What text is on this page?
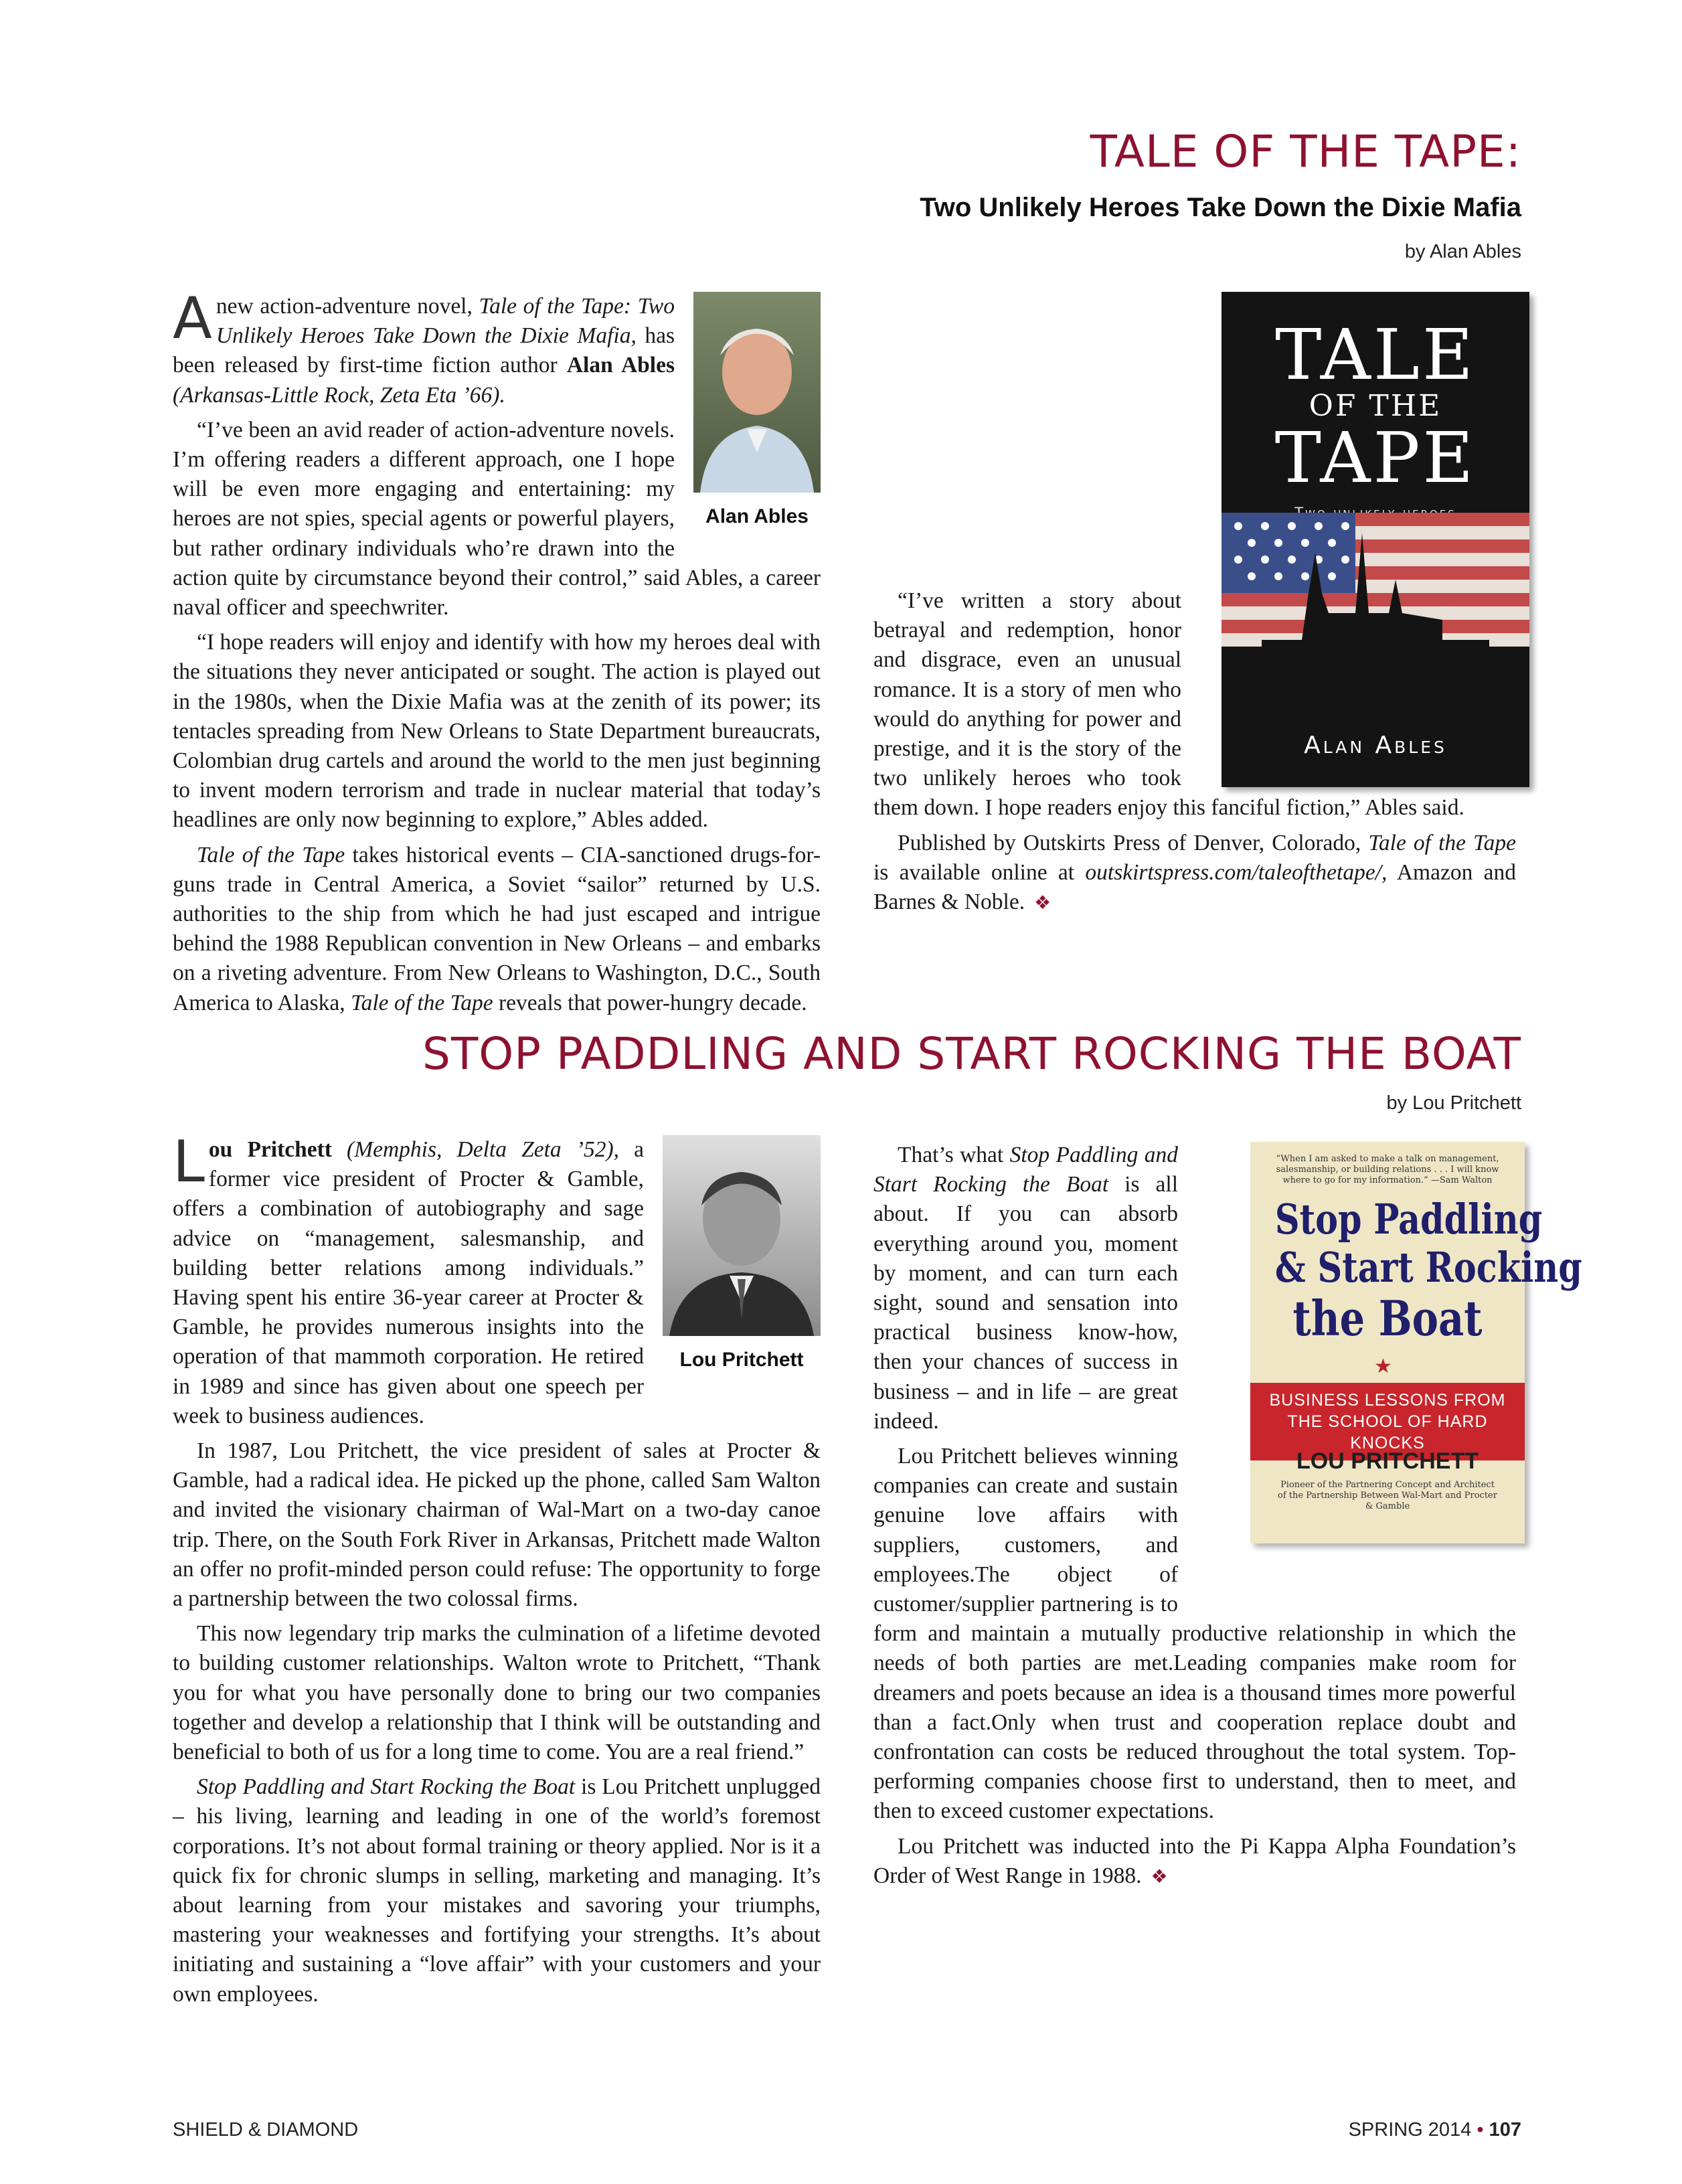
TALE OF THE TAPE:
Two Unlikely Heroes Take Down the Dixie Mafia
by Alan Ables
Alan Ables

Anew action-adventure novel, Tale of the Tape: Two Unlikely Heroes Take Down the Dixie Mafia, has been released by first-time fiction author Alan Ables (Arkansas-Little Rock, Zeta Eta ’66).

“I’ve been an avid reader of action-adventure novels. I’m offering readers a different approach, one I hope will be even more engaging and entertaining: my heroes are not spies, special agents or powerful players, but rather ordinary individuals who’re drawn into the action quite by circumstance beyond their control,” said Ables, a career naval officer and speechwriter.

“I hope readers will enjoy and identify with how my heroes deal with the situations they never anticipated or sought. The action is played out in the 1980s, when the Dixie Mafia was at the zenith of its power; its tentacles spreading from New Orleans to State Department bureaucrats, Colombian drug cartels and around the world to the men just beginning to invent modern terrorism and trade in nuclear material that today’s headlines are only now beginning to explore,” Ables added.

Tale of the Tape takes historical events – CIA-sanctioned drugs-for-guns trade in Central America, a Soviet “sailor” returned by U.S. authorities to the ship from which he had just escaped and intrigue behind the 1988 Republican convention in New Orleans – and embarks on a riveting adventure. From New Orleans to Washington, D.C., South America to Alaska, Tale of the Tape reveals that power-hungry decade.

TALE
OF THE
TAPE
Alan Ables

“I’ve written a story about betrayal and redemption, honor and disgrace, even an unusual romance. It is a story of men who would do anything for power and prestige, and it is the story of the two unlikely heroes who took them down. I hope readers enjoy this fanciful fiction,” Ables said.

Published by Outskirts Press of Denver, Colorado, Tale of the Tape is available online at outskirtspress.com/taleofthetape/, Amazon and Barnes & Noble. ❖

STOP PADDLING AND START ROCKING THE BOAT
by Lou Pritchett
Lou Pritchett

Lou Pritchett (Memphis, Delta Zeta ’52), a former vice president of Procter & Gamble, offers a combination of autobiography and sage advice on “management, salesmanship, and building better relations among individuals.” Having spent his entire 36-year career at Procter & Gamble, he provides numerous insights into the operation of that mammoth corporation. He retired in 1989 and since has given about one speech per week to business audiences.

In 1987, Lou Pritchett, the vice president of sales at Procter & Gamble, had a radical idea. He picked up the phone, called Sam Walton and invited the visionary chairman of Wal-Mart on a two-day canoe trip. There, on the South Fork River in Arkansas, Pritchett made Walton an offer no profit-minded person could refuse: The opportunity to forge a partnership between the two colossal firms.

This now legendary trip marks the culmination of a lifetime devoted to building customer relationships. Walton wrote to Pritchett, “Thank you for what you have personally done to bring our two companies together and develop a relationship that I think will be outstanding and beneficial to both of us for a long time to come. You are a real friend.”

Stop Paddling and Start Rocking the Boat is Lou Pritchett unplugged – his living, learning and leading in one of the world’s foremost corporations. It’s not about formal training or theory applied. Nor is it a quick fix for chronic slumps in selling, marketing and managing. It’s about learning from your mistakes and savoring your triumphs, mastering your weaknesses and fortifying your strengths. It’s about initiating and sustaining a “love affair” with your customers and your own employees.

“When I am asked to make a talk on management, salesmanship, or building relations . . . I will know where to go for my information.” —Sam Walton
Stop Paddling
& Start Rocking
the Boat
★
BUSINESS LESSONS FROM
THE SCHOOL OF HARD KNOCKS
LOU PRITCHETT
Pioneer of the Partnering Concept and Architect of the Partnership Between Wal-Mart and Procter & Gamble

That’s what Stop Paddling and Start Rocking the Boat is all about. If you can absorb everything around you, moment by moment, and can turn each sight, sound and sensation into practical business know-how, then your chances of success in business – and in life – are great indeed.

Lou Pritchett believes winning companies can create and sustain genuine love affairs with suppliers, customers, and employees.The object of customer/supplier partnering is to form and maintain a mutually productive relationship in which the needs of both parties are met.Leading companies make room for dreamers and poets because an idea is a thousand times more powerful than a fact.Only when trust and cooperation replace doubt and confrontation can costs be reduced throughout the total system. Top-performing companies choose first to understand, then to meet, and then to exceed customer expectations.

Lou Pritchett was inducted into the Pi Kappa Alpha Foundation’s Order of West Range in 1988. ❖

SHIELD & DIAMOND	SPRING 2014 • 107
